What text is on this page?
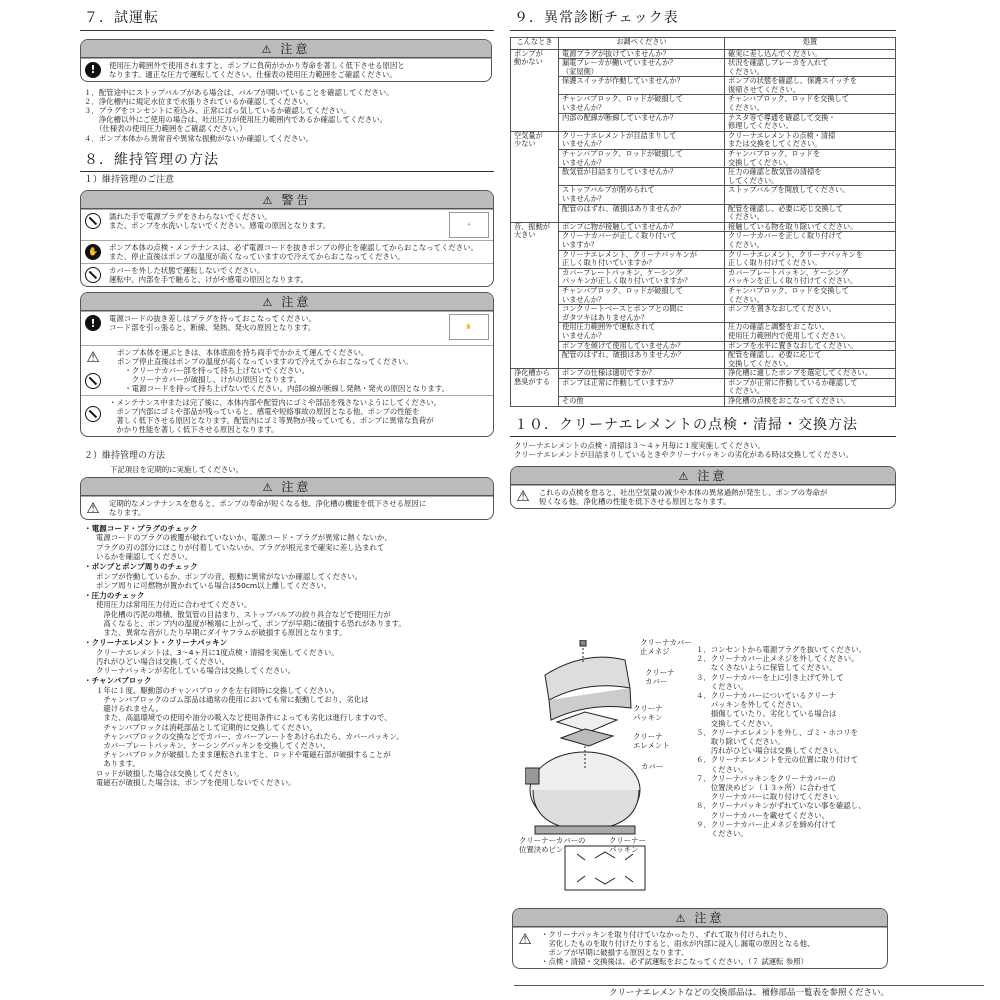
７．試運転
⚠ 注意
!	使用圧力範囲外で使用されますと、ポンプに負荷がかかり寿命を著しく低下させる原因と
なります。適正な圧力で運転してください。仕様表の使用圧力範囲をご確認ください。
１．配管途中にストップバルブがある場合は、バルブが開いていることを確認してください。
２．浄化槽内に規定水位まで水張りされているか確認してください。
３．プラグをコンセントに差込み、正常にばっ気しているか確認してください。
　　浄化槽以外にご使用の場合は、吐出圧力が使用圧力範囲内であるか確認してください。
　　（仕様表の使用圧力範囲をご確認ください。）
４．ポンプ本体から異常音や異常な振動がないか確認してください。
８．維持管理の方法
１）維持管理のご注意
⚠ 警告
濡れた手で電源プラグをさわらないでください。
また、ポンプを水洗いしないでください。感電の原因となります。	⚡
✋	ポンプ本体の点検・メンテナンスは、必ず電源コードを抜きポンプの停止を確認してからおこなってください。
また、停止直後はポンプの温度が高くなっていますので冷えてからおこなってください。
カバーを外した状態で運転しないでください。
運転中、内部を手で触ると、けがや感電の原因となります。
⚠ 注意
!	電源コードの抜き差しはプラグを持っておこなってください。
コード部を引っ張ると、断線、発熱、発火の原因となります。	✋
⚠ ポンプ本体を運ぶときは、本体底面を持ち両手でかかえて運んでください。
ポンプ停止直後はポンプの温度が高くなっていますので冷えてからおこなってください。
　・クリーナカバー部を持って持ち上げないでください。
　　クリーナカバーが破損し、けがの原因となります。
　・電源コードを持って持ち上げないでください。内部の線が断線し発熱・発火の原因となります。
・メンテナンス中または完了後に、本体内部や配管内にゴミや部品を残さないようにしてください。
　ポンプ内部にゴミや部品が残っていると、感電や短絡事故の原因となる他、ポンプの性能を
　著しく低下させる原因となります。配管内にゴミ等異物が残っていても、ポンプに異常な負荷が
　かかり性能を著しく低下させる原因となります。
２）維持管理の方法
下記項目を定期的に実施してください。
⚠ 注意
⚠ 定期的なメンテナンスを怠ると、ポンプの寿命が短くなる他、浄化槽の機能を低下させる原因に
なります。
・電源コード・プラグのチェック
電源コードのプラグの被覆が破れていないか、電源コード・プラグが異常に熱くないか、
プラグの刃の部分にほこりが付着していないか、プラグが根元まで確実に差し込まれて
いるかを確認してください。
・ポンプとポンプ周りのチェック
ポンプが作動しているか、ポンプの音、振動に異常がないか確認してください。
ポンプ周りに可燃物が置かれている場合は50cm以上離してください。
・圧力のチェック
使用圧力は常用圧力付近に合わせてください。
　浄化槽の汚泥の堆積、散気管の目詰まり、ストップバルブの絞り具合などで使用圧力が
　高くなると、ポンプ内の温度が極端に上がって、ポンプが早期に破損する恐れがあります。
　また、異常な音がしたり早期にダイヤフラムが破損する原因となります。
・クリーナエレメント・クリーナパッキン
クリーナエレメントは、3～4ヶ月に1度点検・清掃を実施してください。
汚れがひどい場合は交換してください。
クリーナパッキンが劣化している場合は交換してください。
・チャンバブロック
１年に１度、駆動部のチャンバブロックを左右同時に交換してください。
　チャンバブロックのゴム部品は通常の使用においても常に振動しており、劣化は
　避けられません。
　また、高温環境での使用や油分の吸入など使用条件によっても劣化は進行しますので、
　チャンバブロックは消耗部品として定期的に交換してください。
　チャンバブロックの交換などでカバー、カバープレートをあけられたら、カバーパッキン、
　カバープレートパッキン、ケーシングパッキンを交換してください。
　チャンバブロックが破損したまま運転されますと、ロッドや電磁石部が破損することが
　あります。
ロッドが破損した場合は交換してください。
電磁石が破損した場合は、ポンプを使用しないでください。
９．異常診断チェック表
こんなとき	お調べください	処置
ポンプが
動かない	電源プラグが抜けていませんか？	確実に差し込んでください。
	漏電ブレーカが働いていませんか？
（家屋側）	状況を確認しブレーカを入れて
ください。
	保護スイッチが作動していませんか？	ポンプの状態を確認し、保護スイッチを
復帰させてください。
	チャンバブロック、ロッドが破損して
いませんか？	チャンバブロック、ロッドを交換して
ください。
	内部の配線が断線していませんか？	テスタ等で導通を確認して交換・
修理してください。
空気量が
少ない	クリーナエレメントが目詰まりして
いませんか？	クリーナエレメントの点検・清掃
または交換をしてください。
	チャンバブロック、ロッドが破損して
いませんか？	チャンバブロック、ロッドを
交換してください。
	散気管が目詰まりしていませんか？	圧力の確認と散気管の清掃を
してください。
	ストップバルブが閉められて
いませんか？	ストップバルブを開放してください。
	配管のはずれ、破損はありませんか？	配管を確認し、必要に応じ交換して
ください。
音、振動が
大きい	ポンプに物が接触していませんか？	接触している物を取り除いてください。
	クリーナカバーが正しく取り付いて
いますか？	クリーナカバーを正しく取り付けて
ください。
	クリーナエレメント、クリーナパッキンが
正しく取り付いていますか？	クリーナエレメント、クリーナパッキンを
正しく取り付けてください。
	カバープレートパッキン、ケーシング
パッキンが正しく取り付いていますか？	カバープレートパッキン、ケーシング
パッキンを正しく取り付けてください。
	チャンバブロック、ロッドが破損して
いませんか？	チャンバブロック、ロッドを交換して
ください。
	コンクリートベースとポンプとの間に
ガタツキはありませんか？	ポンプを置きなおしてください。
	使用圧力範囲外で運転されて
いませんか？	圧力の確認と調整をおこない、
使用圧力範囲内で使用してください。
	ポンプを傾けて使用していませんか？	ポンプを水平に置きなおしてください。
	配管のはずれ、破損はありませんか？	配管を確認し、必要に応じて
交換してください。
浄化槽から
悪臭がする	ポンプの仕様は適切ですか？	浄化槽に適したポンプを選定してください。
	ポンプは正常に作動していますか？	ポンプが正常に作動しているか確認して
ください。
	その他	浄化槽の点検をおこなってください。
１０．クリーナエレメントの点検・清掃・交換方法
クリーナエレメントの点検・清掃は３～４ヶ月毎に１度実施してください。
クリーナエレメントが目詰まりしているときやクリーナパッキンの劣化がある時は交換してください。
⚠ 注意
⚠ これらの点検を怠ると、吐出空気量の減少や本体の異常過熱が発生し、ポンプの寿命が
短くなる他、浄化槽の性能を低下させる原因となります。
１．コンセントから電源プラグを抜いてください。
２．クリーナカバー止メネジを外してください。
　　なくさないように保管してください。
３．クリーナカバーを上に引き上げて外して
　　ください。
４．クリーナカバーについているクリーナ
　　パッキンを外してください。
　　損傷していたり、劣化している場合は
　　交換してください。
５．クリーナエレメントを外し、ゴミ・ホコリを
　　取り除いてください。
　　汚れがひどい場合は交換してください。
６．クリーナエレメントを元の位置に取り付けて
　　ください。
７．クリーナパッキンをクリーナカバーの
　　位置決めピン（１３ヶ所）に合わせて
　　クリーナカバーに取り付けてください。
８．クリーナパッキンがずれていない事を確認し、
　　クリーナカバーを載せてください。
９．クリーナカバー止メネジを締め付けて
　　ください。
⚠ 注意
⚠ ・クリーナパッキンを取り付けていなかったり、ずれて取り付けられたり、
　劣化したものを取り付けたりすると、雨水が内部に浸入し漏電の原因となる他、
　ポンプが早期に破損する原因となります。
・点検・清掃・交換後は、必ず試運転をおこなってください。（７ 試運転 参照）
クリーナカバー
止メネジ
クリーナ
カバー
クリーナ
パッキン
クリーナ
エレメント
カバー
クリーナーカバーの
位置決めピン
クリーナー
パッキン
クリーナエレメントなどの交換部品は、補修部品一覧表を参照ください。
